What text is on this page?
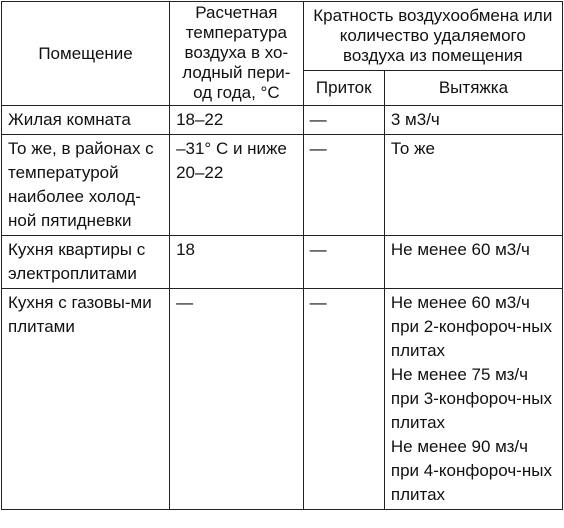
Помещение	Расчетная температура воздуха в хо-лодный пери-од года, °С	Кратность воздухообмена или количество удаляемого воздуха из помещения	
		Приток	Вытяжка
Жилая комната	18–22	—	3 м3/ч
То же, в районах с температурой наиболее холод-ной пятидневки	–31° С и ниже 20–22	—	То же
Кухня квартиры с электроплитами	18	—	Не менее 60 м3/ч
Кухня с газовы-ми плитами	—	—	Не менее 60 м3/ч при 2-конфороч-ных плитах
Не менее 75 мз/ч при 3-конфороч-ных плитах
Не менее 90 мз/ч при 4-конфороч-ных плитах
